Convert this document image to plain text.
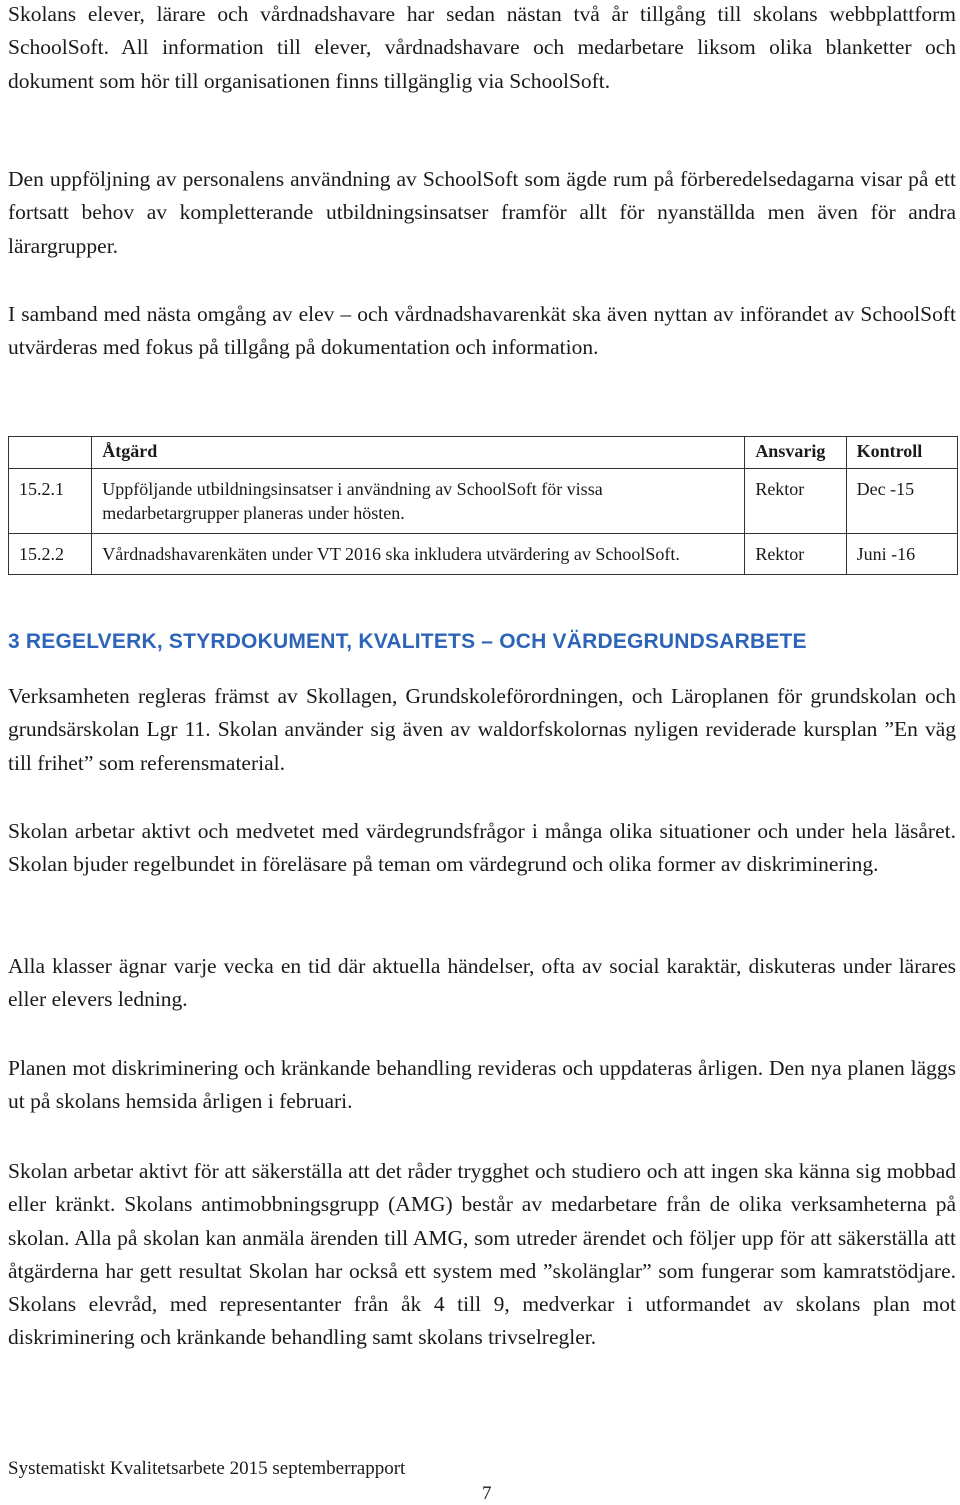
Skolans elever, lärare och vårdnadshavare har sedan nästan två år tillgång till skolans webbplattform SchoolSoft. All information till elever, vårdnadshavare och medarbetare liksom olika blanketter och dokument som hör till organisationen finns tillgänglig via SchoolSoft.

Den uppföljning av personalens användning av SchoolSoft som ägde rum på förberedelsedagarna visar på ett fortsatt behov av kompletterande utbildningsinsatser framför allt för nyanställda men även för andra lärargrupper.

I samband med nästa omgång av elev – och vårdnadshavarenkät ska även nyttan av införandet av SchoolSoft utvärderas med fokus på tillgång på dokumentation och information.

	Åtgärd	Ansvarig	Kontroll
15.2.1	Uppföljande utbildningsinsatser i användning av SchoolSoft för vissa medarbetargrupper planeras under hösten.	Rektor	Dec -15
15.2.2	Vårdnadshavarenkäten under VT 2016 ska inkludera utvärdering av SchoolSoft.	Rektor	Juni -16
3 REGELVERK, STYRDOKUMENT, KVALITETS – OCH VÄRDEGRUNDSARBETE

Verksamheten regleras främst av Skollagen, Grundskoleförordningen, och Läroplanen för grundskolan och grundsärskolan Lgr 11. Skolan använder sig även av waldorfskolornas nyligen reviderade kursplan ”En väg till frihet” som referensmaterial.

Skolan arbetar aktivt och medvetet med värdegrundsfrågor i många olika situationer och under hela läsåret. Skolan bjuder regelbundet in föreläsare på teman om värdegrund och olika former av diskriminering.

Alla klasser ägnar varje vecka en tid där aktuella händelser, ofta av social karaktär, diskuteras under lärares eller elevers ledning.

Planen mot diskriminering och kränkande behandling revideras och uppdateras årligen. Den nya planen läggs ut på skolans hemsida årligen i februari.

Skolan arbetar aktivt för att säkerställa att det råder trygghet och studiero och att ingen ska känna sig mobbad eller kränkt. Skolans antimobbningsgrupp (AMG) består av medarbetare från de olika verksamheterna på skolan. Alla på skolan kan anmäla ärenden till AMG, som utreder ärendet och följer upp för att säkerställa att åtgärderna har gett resultat Skolan har också ett system med ”skolänglar” som fungerar som kamratstödjare. Skolans elevråd, med representanter från åk 4 till 9, medverkar i utformandet av skolans plan mot diskriminering och kränkande behandling samt skolans trivselregler.

Systematiskt Kvalitetsarbete 2015 septemberrapport
7
